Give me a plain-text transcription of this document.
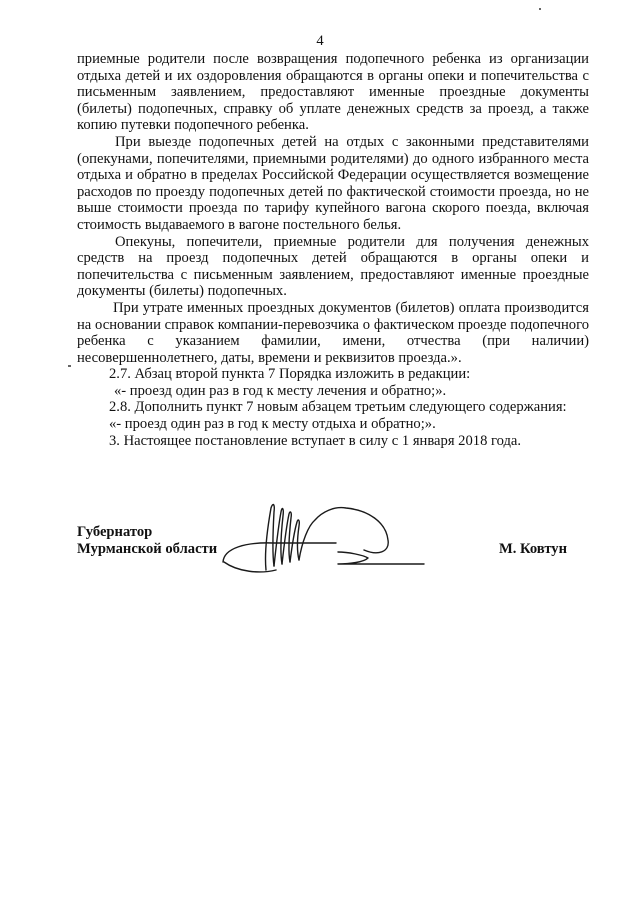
4

приемные родители после возвращения подопечного ребенка из организации отдыха детей и их оздоровления обращаются в органы опеки и попечительства с письменным заявлением, предоставляют именные проездные документы (билеты) подопечных, справку об уплате денежных средств за проезд, а также копию путевки подопечного ребенка.

При выезде подопечных детей на отдых с законными представителями (опекунами, попечителями, приемными родителями) до одного избранного места отдыха и обратно в пределах Российской Федерации осуществляется возмещение расходов по проезду подопечных детей по фактической стоимости проезда, но не выше стоимости проезда по тарифу купейного вагона скорого поезда, включая стоимость выдаваемого в вагоне постельного белья.

Опекуны, попечители, приемные родители для получения денежных средств на проезд подопечных детей обращаются в органы опеки и попечительства с письменным заявлением, предоставляют именные проездные документы (билеты) подопечных.

При утрате именных проездных документов (билетов) оплата производится на основании справок компании-перевозчика о фактическом проезде подопечного ребенка с указанием фамилии, имени, отчества (при наличии) несовершеннолетнего, даты, времени и реквизитов проезда.».

2.7. Абзац второй пункта 7 Порядка изложить в редакции:

«- проезд один раз в год к месту лечения и обратно;».

2.8. Дополнить пункт 7 новым абзацем третьим следующего содержания:

«- проезд один раз в год к месту отдыха и обратно;».

3. Настоящее постановление вступает в силу с 1 января 2018 года.

Губернатор
Мурманской области	М. Ковтун
